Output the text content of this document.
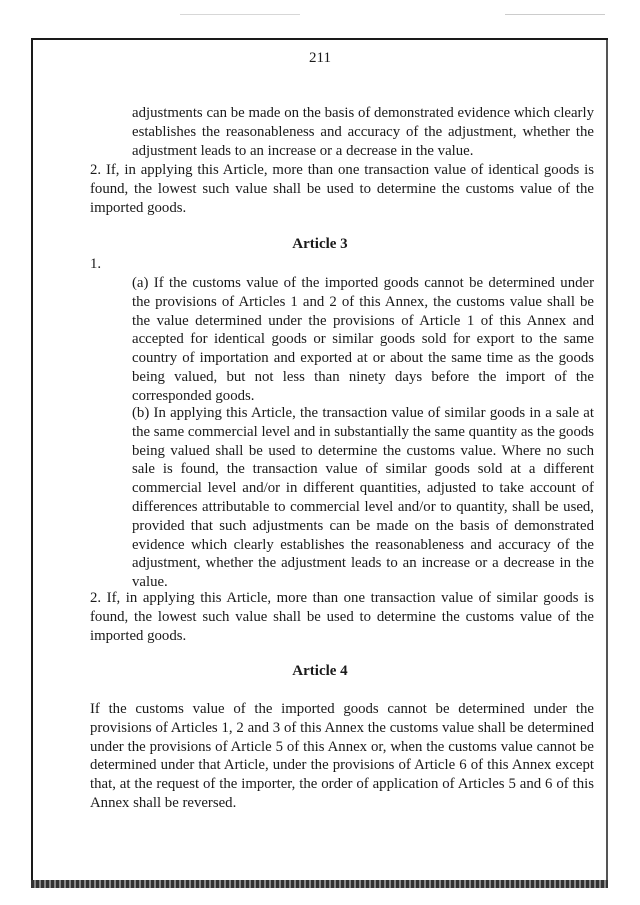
211

adjustments can be made on the basis of demonstrated evidence which clearly establishes the reasonableness and accuracy of the adjustment, whether the adjustment leads to an increase or a decrease in the value.

2. If, in applying this Article, more than one transaction value of identical goods is found, the lowest such value shall be used to determine the customs value of the imported goods.

Article 3
1.

(a) If the customs value of the imported goods cannot be determined under the provisions of Articles 1 and 2 of this Annex, the customs value shall be the value determined under the provisions of Article 1 of this Annex and accepted for identical goods or similar goods sold for export to the same country of importation and exported at or about the same time as the goods being valued, but not less than ninety days before the import of the corresponded goods.

(b) In applying this Article, the transaction value of similar goods in a sale at the same commercial level and in substantially the same quantity as the goods being valued shall be used to determine the customs value. Where no such sale is found, the transaction value of similar goods sold at a different commercial level and/or in different quantities, adjusted to take account of differences attributable to commercial level and/or to quantity, shall be used, provided that such adjustments can be made on the basis of demonstrated evidence which clearly establishes the reasonableness and accuracy of the adjustment, whether the adjustment leads to an increase or a decrease in the value.

2. If, in applying this Article, more than one transaction value of similar goods is found, the lowest such value shall be used to determine the customs value of the imported goods.

Article 4

If the customs value of the imported goods cannot be determined under the provisions of Articles 1, 2 and 3 of this Annex the customs value shall be determined under the provisions of Article 5 of this Annex or, when the customs value cannot be determined under that Article, under the provisions of Article 6 of this Annex except that, at the request of the importer, the order of application of Articles 5 and 6 of this Annex shall be reversed.
